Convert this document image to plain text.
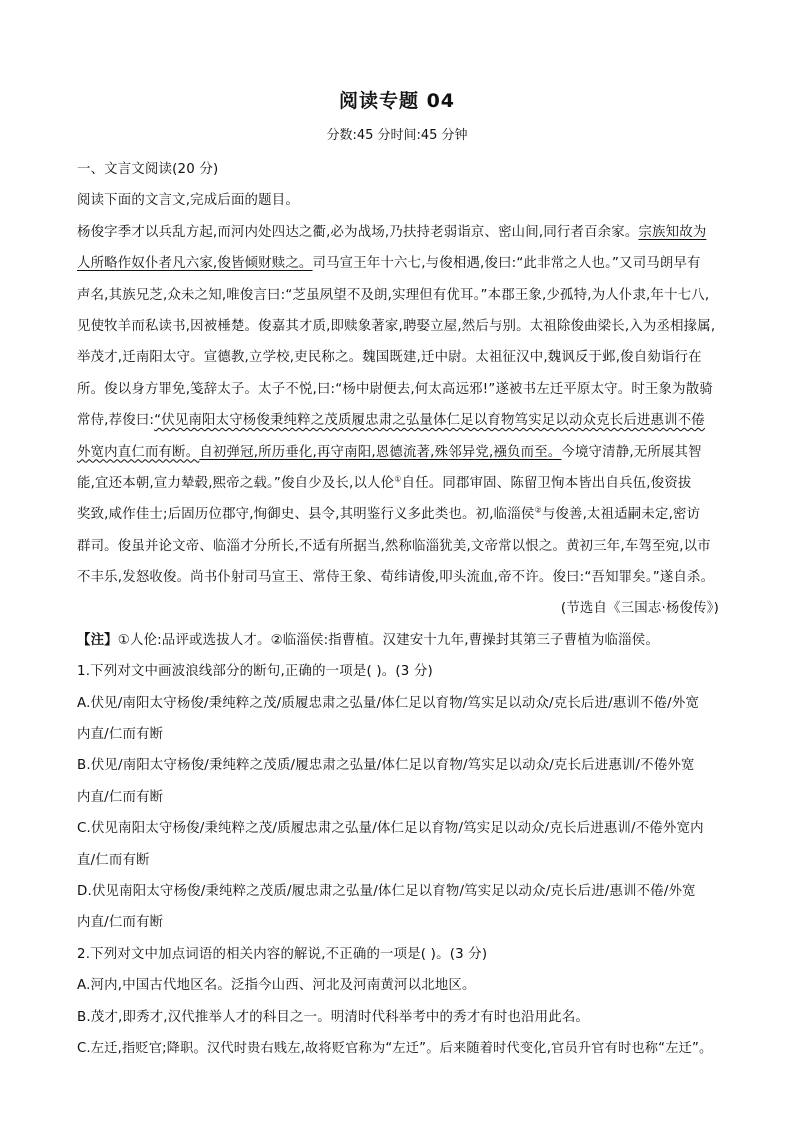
阅读专题 04
分数:45 分时间:45 分钟
一、文言文阅读(20 分)
阅读下面的文言文,完成后面的题目。
杨俊字季才以兵乱方起,而河内处四达之衢,必为战场,乃扶持老弱诣京、密山间,同行者百余家。宗族知故为
人所略作奴仆者凡六家,俊皆倾财赎之。司马宣王年十六七,与俊相遇,俊曰:“此非常之人也。”又司马朗早有
声名,其族兄芝,众未之知,唯俊言曰:“芝虽夙望不及朗,实理但有优耳。”本郡王象,少孤特,为人仆隶,年十七八,
见使牧羊而私读书,因被棰楚。俊嘉其才质,即赎象著家,聘娶立屋,然后与别。太祖除俊曲梁长,入为丞相掾属,
举茂才,迁南阳太守。宣德教,立学校,吏民称之。魏国既建,迁中尉。太祖征汉中,魏讽反于邺,俊自劾诣行在
所。俊以身方罪免,笺辞太子。太子不悦,曰:“杨中尉便去,何太高远邪!”遂被书左迁平原太守。时王象为散骑
常侍,荐俊曰:“伏见南阳太守杨俊秉纯粹之茂质履忠肃之弘量体仁足以育物笃实足以动众克长后进惠训不倦
外宽内直仁而有断。自初弹冠,所历垂化,再守南阳,恩德流著,殊邻异党,襁负而至。今境守清静,无所展其智
能,宜还本朝,宣力辇毂,熙帝之载。”俊自少及长,以人伦①自任。同郡审固、陈留卫恂本皆出自兵伍,俊资拔
奖致,咸作佳士;后固历位郡守,恂御史、县令,其明鉴行义多此类也。初,临淄侯②与俊善,太祖适嗣未定,密访
群司。俊虽并论文帝、临淄才分所长,不适有所据当,然称临淄犹美,文帝常以恨之。黄初三年,车驾至宛,以市
不丰乐,发怒收俊。尚书仆射司马宣王、常侍王象、荀纬请俊,叩头流血,帝不许。俊曰:“吾知罪矣。”遂自杀。
(节选自《三国志·杨俊传》)
【注】①人伦:品评或选拔人才。②临淄侯:指曹植。汉建安十九年,曹操封其第三子曹植为临淄侯。
1.下列对文中画波浪线部分的断句,正确的一项是( )。(3 分)
A.伏见/南阳太守杨俊/秉纯粹之茂/质履忠肃之弘量/体仁足以育物/笃实足以动众/克长后进/惠训不倦/外宽
内直/仁而有断
B.伏见/南阳太守杨俊/秉纯粹之茂质/履忠肃之弘量/体仁足以育物/笃实足以动众/克长后进惠训/不倦外宽
内直/仁而有断
C.伏见南阳太守杨俊/秉纯粹之茂/质履忠肃之弘量/体仁足以育物/笃实足以动众/克长后进惠训/不倦外宽内
直/仁而有断
D.伏见南阳太守杨俊/秉纯粹之茂质/履忠肃之弘量/体仁足以育物/笃实足以动众/克长后进/惠训不倦/外宽
内直/仁而有断
2.下列对文中加点词语的相关内容的解说,不正确的一项是( )。(3 分)
A.河内,中国古代地区名。泛指今山西、河北及河南黄河以北地区。
B.茂才,即秀才,汉代推举人才的科目之一。明清时代科举考中的秀才有时也沿用此名。
C.左迁,指贬官;降职。汉代时贵右贱左,故将贬官称为“左迁”。后来随着时代变化,官员升官有时也称“左迁”。
